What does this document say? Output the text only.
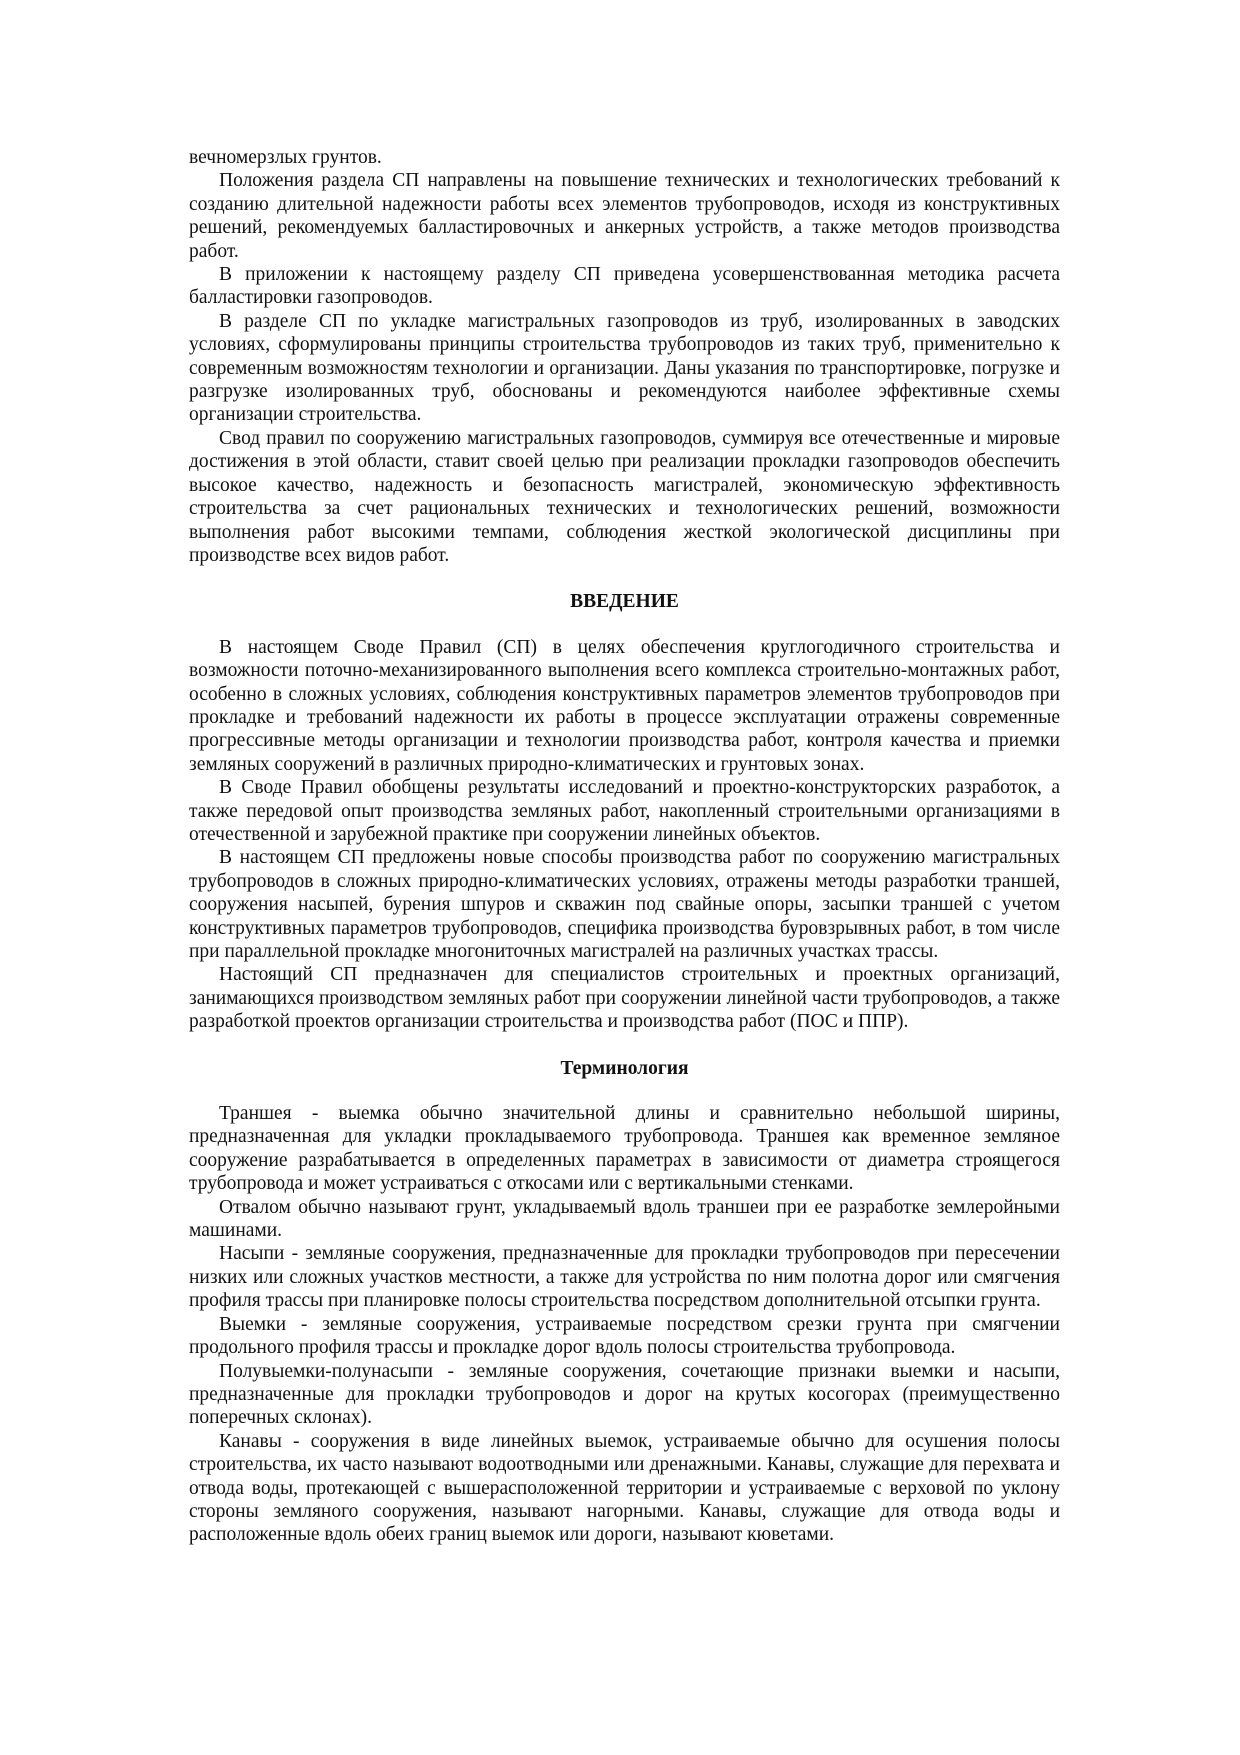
вечномерзлых грунтов.

Положения раздела СП направлены на повышение технических и технологических требований к созданию длительной надежности работы всех элементов трубопроводов, исходя из конструктивных решений, рекомендуемых балластировочных и анкерных устройств, а также методов производства работ.

В приложении к настоящему разделу СП приведена усовершенствованная методика расчета балластировки газопроводов.

В разделе СП по укладке магистральных газопроводов из труб, изолированных в заводских условиях, сформулированы принципы строительства трубопроводов из таких труб, применительно к современным возможностям технологии и организации. Даны указания по транспортировке, погрузке и разгрузке изолированных труб, обоснованы и рекомендуются наиболее эффективные схемы организации строительства.

Свод правил по сооружению магистральных газопроводов, суммируя все отечественные и мировые достижения в этой области, ставит своей целью при реализации прокладки газопроводов обеспечить высокое качество, надежность и безопасность магистралей, экономическую эффективность строительства за счет рациональных технических и технологических решений, возможности выполнения работ высокими темпами, соблюдения жесткой экологической дисциплины при производстве всех видов работ.

ВВЕДЕНИЕ

В настоящем Своде Правил (СП) в целях обеспечения круглогодичного строительства и возможности поточно-механизированного выполнения всего комплекса строительно-монтажных работ, особенно в сложных условиях, соблюдения конструктивных параметров элементов трубопроводов при прокладке и требований надежности их работы в процессе эксплуатации отражены современные прогрессивные методы организации и технологии производства работ, контроля качества и приемки земляных сооружений в различных природно-климатических и грунтовых зонах.

В Своде Правил обобщены результаты исследований и проектно-конструкторских разработок, а также передовой опыт производства земляных работ, накопленный строительными организациями в отечественной и зарубежной практике при сооружении линейных объектов.

В настоящем СП предложены новые способы производства работ по сооружению магистральных трубопроводов в сложных природно-климатических условиях, отражены методы разработки траншей, сооружения насыпей, бурения шпуров и скважин под свайные опоры, засыпки траншей с учетом конструктивных параметров трубопроводов, специфика производства буровзрывных работ, в том числе при параллельной прокладке многониточных магистралей на различных участках трассы.

Настоящий СП предназначен для специалистов строительных и проектных организаций, занимающихся производством земляных работ при сооружении линейной части трубопроводов, а также разработкой проектов организации строительства и производства работ (ПОС и ППР).

Терминология

Траншея - выемка обычно значительной длины и сравнительно небольшой ширины, предназначенная для укладки прокладываемого трубопровода. Траншея как временное земляное сооружение разрабатывается в определенных параметрах в зависимости от диаметра строящегося трубопровода и может устраиваться с откосами или с вертикальными стенками.

Отвалом обычно называют грунт, укладываемый вдоль траншеи при ее разработке землеройными машинами.

Насыпи - земляные сооружения, предназначенные для прокладки трубопроводов при пересечении низких или сложных участков местности, а также для устройства по ним полотна дорог или смягчения профиля трассы при планировке полосы строительства посредством дополнительной отсыпки грунта.

Выемки - земляные сооружения, устраиваемые посредством срезки грунта при смягчении продольного профиля трассы и прокладке дорог вдоль полосы строительства трубопровода.

Полувыемки-полунасыпи - земляные сооружения, сочетающие признаки выемки и насыпи, предназначенные для прокладки трубопроводов и дорог на крутых косогорах (преимущественно поперечных склонах).

Канавы - сооружения в виде линейных выемок, устраиваемые обычно для осушения полосы строительства, их часто называют водоотводными или дренажными. Канавы, служащие для перехвата и отвода воды, протекающей с вышерасположенной территории и устраиваемые с верховой по уклону стороны земляного сооружения, называют нагорными. Канавы, служащие для отвода воды и расположенные вдоль обеих границ выемок или дороги, называют кюветами.
